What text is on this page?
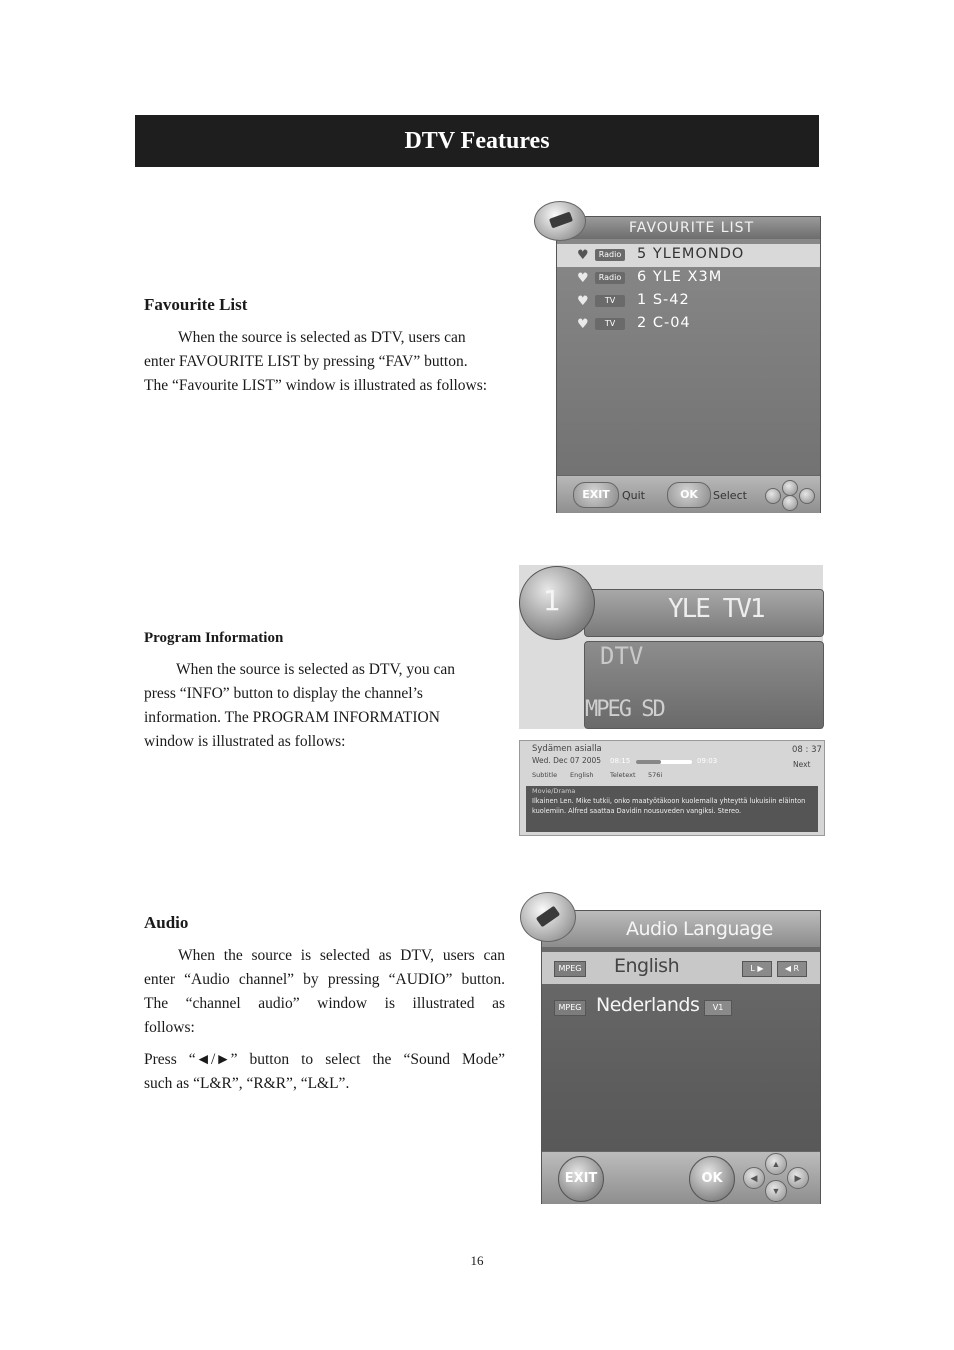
DTV Features
Favourite List

When the source is selected as DTV, users can

enter FAVOURITE LIST by pressing “FAV” button.

The “Favourite LIST” window is illustrated as follows:

FAVOURITE LIST
♥	Radio 5 YLEMONDO
♥	Radio 6 YLE X3M
♥	TV	1 S-42
♥	TV	2 C-04
EXIT	Quit	OK	Select
Program Information

When the source is selected as DTV, you can

press “INFO” button to display the channel’s

information. The PROGRAM INFORMATION

window is illustrated as follows:

YLE TV1
DTV
MPEG SD
1
Sydämen asialla
Wed. Dec 07 2005 08:15	09:03
08 : 37
Next
Subtitle English	Teletext 576i
Movie/Drama
Ilkainen Len. Mike tutkii, onko maatyötäkoon kuolemalla yhteyttä lukuisiin eläinton
kuolemiin. Alfred saattaa Davidin nousuveden vangiksi. Stereo.
Audio

When the source is selected as DTV, users can

enter “Audio channel” by pressing “AUDIO” button.

The “channel audio” window is illustrated as

follows:

Press “◄/►” button to select the “Sound Mode”

such as “L&R”, “R&R”, “L&L”.

Audio Language
MPEG English	L ▶	◀ R
MPEG Nederlands	V1
EXIT	OK
▲
◀	▶
▼
16
